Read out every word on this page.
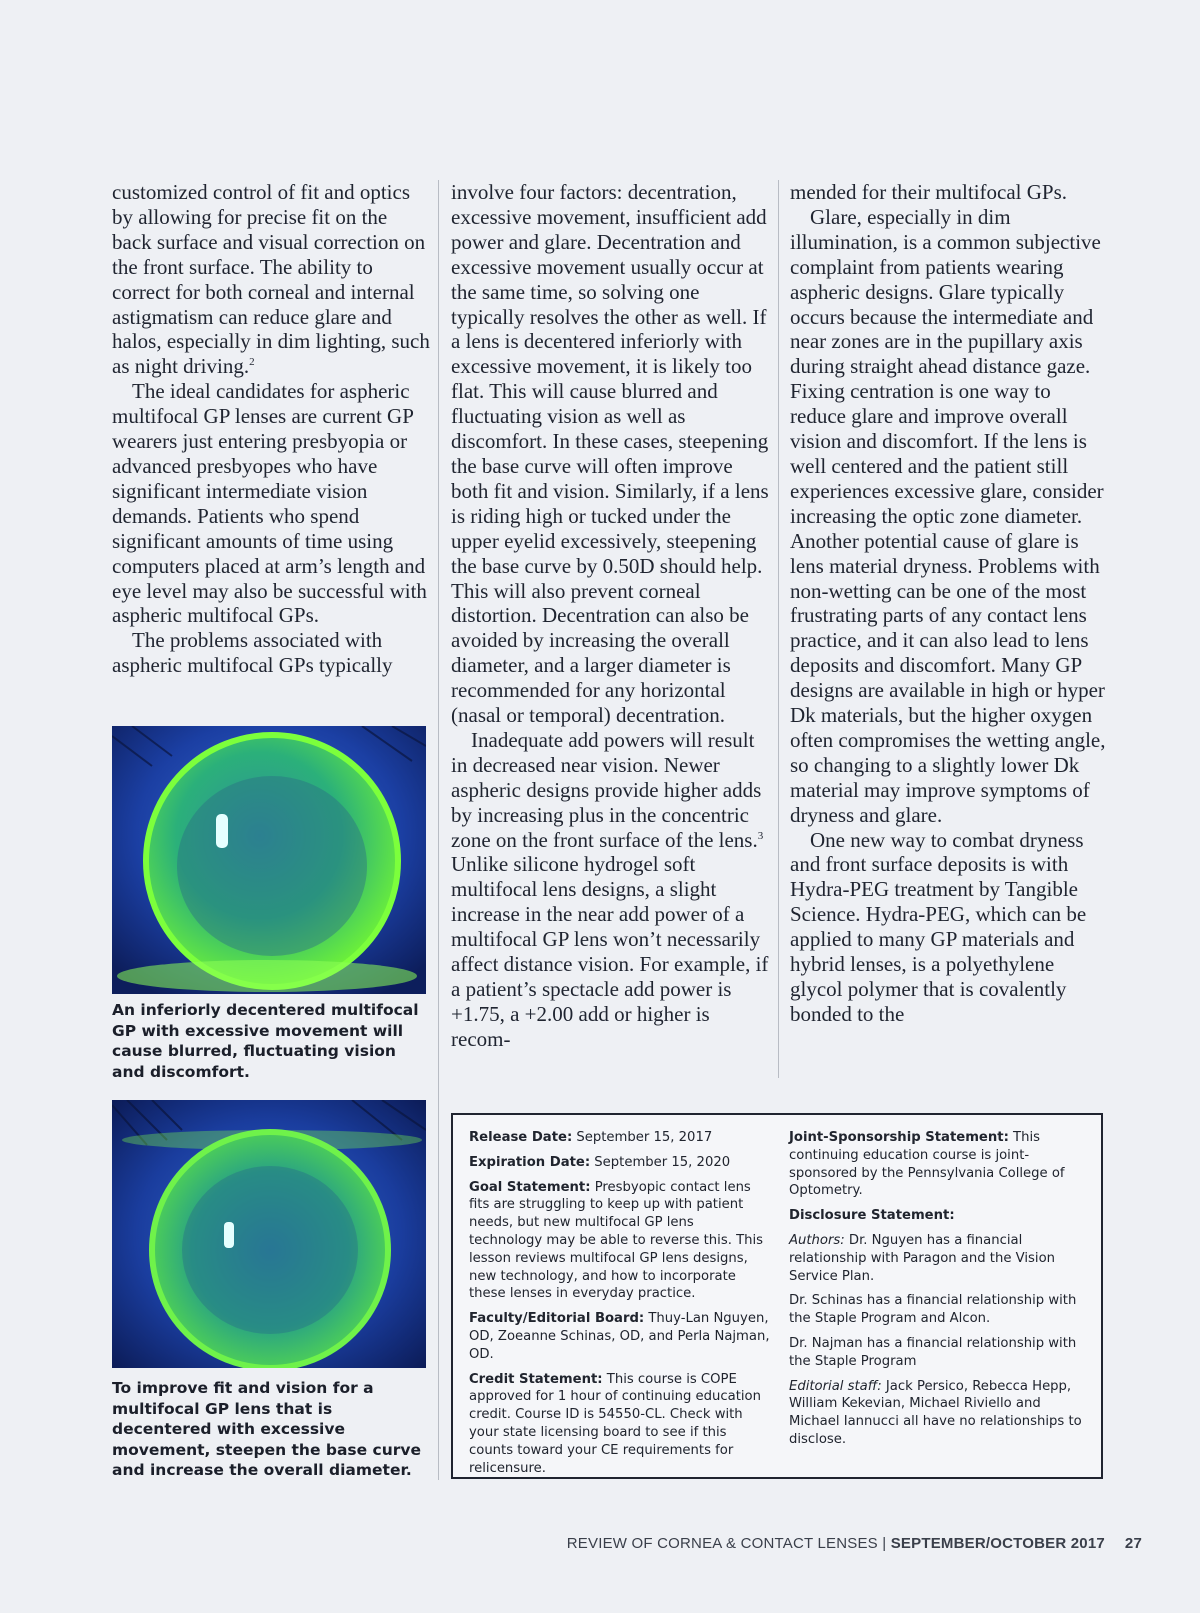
customized control of fit and optics by allowing for precise fit on the back surface and visual correction on the front surface. The ability to correct for both corneal and internal astigmatism can reduce glare and halos, especially in dim lighting, such as night driving.$^2$

The ideal candidates for aspheric multifocal GP lenses are current GP wearers just entering presbyopia or advanced presbyopes who have significant intermediate vision demands. Patients who spend significant amounts of time using computers placed at arm’s length and eye level may also be successful with aspheric multifocal GPs.

The problems associated with aspheric multifocal GPs typically

An inferiorly decentered multifocal GP with excessive movement will cause blurred, fluctuating vision and discomfort.
To improve fit and vision for a multifocal GP lens that is decentered with excessive movement, steepen the base curve and increase the overall diameter.

involve four factors: decentration, excessive movement, insufficient add power and glare. Decentration and excessive movement usually occur at the same time, so solving one typically resolves the other as well. If a lens is decentered inferiorly with excessive movement, it is likely too flat. This will cause blurred and fluctuating vision as well as discomfort. In these cases, steepening the base curve will often improve both fit and vision. Similarly, if a lens is riding high or tucked under the upper eyelid excessively, steepening the base curve by 0.50D should help. This will also prevent corneal distortion. Decentration can also be avoided by increasing the overall diameter, and a larger diameter is recommended for any horizontal (nasal or temporal) decentration.

Inadequate add powers will result in decreased near vision. Newer aspheric designs provide higher adds by increasing plus in the concentric zone on the front surface of the lens.$^3$ Unlike silicone hydrogel soft multifocal lens designs, a slight increase in the near add power of a multifocal GP lens won’t necessarily affect distance vision. For example, if a patient’s spectacle add power is +1.75, a +2.00 add or higher is recom-

mended for their multifocal GPs.

Glare, especially in dim illumination, is a common subjective complaint from patients wearing aspheric designs. Glare typically occurs because the intermediate and near zones are in the pupillary axis during straight ahead distance gaze. Fixing centration is one way to reduce glare and improve overall vision and discomfort. If the lens is well centered and the patient still experiences excessive glare, consider increasing the optic zone diameter. Another potential cause of glare is lens material dryness. Problems with non-wetting can be one of the most frustrating parts of any contact lens practice, and it can also lead to lens deposits and discomfort. Many GP designs are available in high or hyper Dk materials, but the higher oxygen often compromises the wetting angle, so changing to a slightly lower Dk material may improve symptoms of dryness and glare.

One new way to combat dryness and front surface deposits is with Hydra-PEG treatment by Tangible Science. Hydra-PEG, which can be applied to many GP materials and hybrid lenses, is a polyethylene glycol polymer that is covalently bonded to the

Release Date: September 15, 2017

Expiration Date: September 15, 2020

Goal Statement: Presbyopic contact lens fits are struggling to keep up with patient needs, but new multifocal GP lens technology may be able to reverse this. This lesson reviews multifocal GP lens designs, new technology, and how to incorporate these lenses in everyday practice.

Faculty/Editorial Board: Thuy-Lan Nguyen, OD, Zoeanne Schinas, OD, and Perla Najman, OD.

Credit Statement: This course is COPE approved for 1 hour of continuing education credit. Course ID is 54550-CL. Check with your state licensing board to see if this counts toward your CE requirements for relicensure.

Joint-Sponsorship Statement: This continuing education course is joint-sponsored by the Pennsylvania College of Optometry.

Disclosure Statement:

Authors: Dr. Nguyen has a financial relationship with Paragon and the Vision Service Plan.

Dr. Schinas has a financial relationship with the Staple Program and Alcon.

Dr. Najman has a financial relationship with the Staple Program

Editorial staff: Jack Persico, Rebecca Hepp, William Kekevian, Michael Riviello and Michael Iannucci all have no relationships to disclose.

REVIEW OF CORNEA & CONTACT LENSES | SEPTEMBER/OCTOBER 2017 27
